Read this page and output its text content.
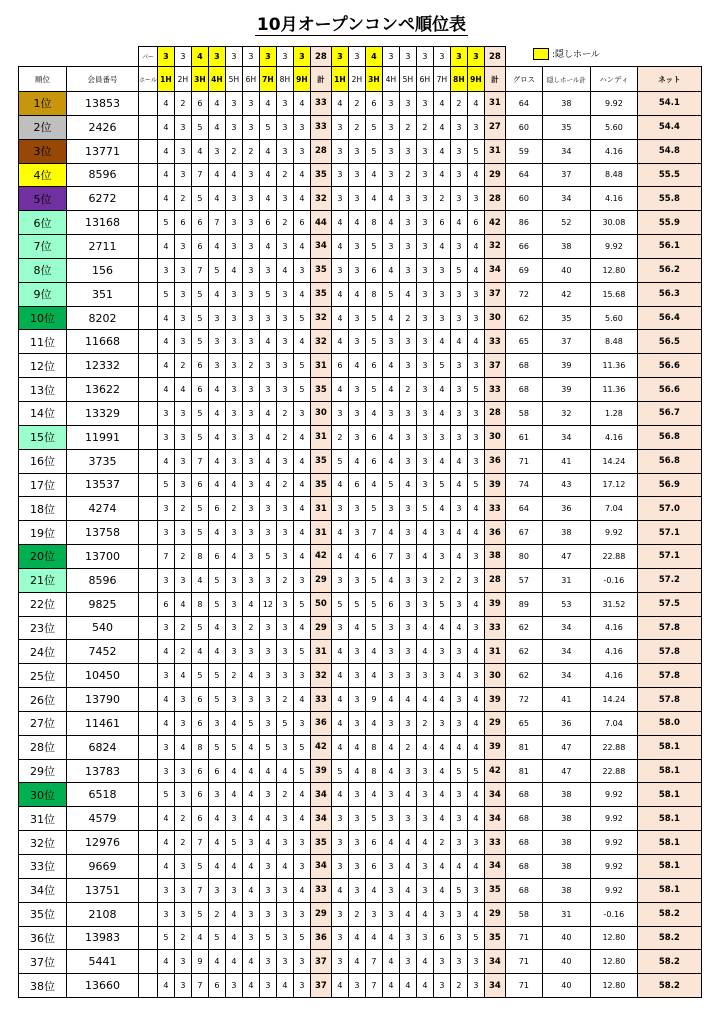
10月オープンコンペ順位表
:隠しホール
		パー	3	3	4	3	3	3	3	3	3	28	3	3	4	3	3	3	3	3	3	28				
順位	会員番号	ホール	1H	2H	3H	4H	5H	6H	7H	8H	9H	計	1H	2H	3H	4H	5H	6H	7H	8H	9H	計	グロス	隠しホール計	ハンディ	ネット
1位	13853		4	2	6	4	3	3	4	3	4	33	4	2	6	3	3	3	4	2	4	31	64	38	9.92	54.1
2位	2426		4	3	5	4	3	3	5	3	3	33	3	2	5	3	2	2	4	3	3	27	60	35	5.60	54.4
3位	13771		4	3	4	3	2	2	4	3	3	28	3	3	5	3	3	3	4	3	5	31	59	34	4.16	54.8
4位	8596		4	3	7	4	4	3	4	2	4	35	3	3	4	3	2	3	4	3	4	29	64	37	8.48	55.5
5位	6272		4	2	5	4	3	3	4	3	4	32	3	3	4	4	3	3	2	3	3	28	60	34	4.16	55.8
6位	13168		5	6	6	7	3	3	6	2	6	44	4	4	8	4	3	3	6	4	6	42	86	52	30.08	55.9
7位	2711		4	3	6	4	3	3	4	3	4	34	4	3	5	3	3	3	4	3	4	32	66	38	9.92	56.1
8位	156		3	3	7	5	4	3	3	4	3	35	3	3	6	4	3	3	3	5	4	34	69	40	12.80	56.2
9位	351		5	3	5	4	3	3	5	3	4	35	4	4	8	5	4	3	3	3	3	37	72	42	15.68	56.3
10位	8202		4	3	5	3	3	3	3	3	5	32	4	3	5	4	2	3	3	3	3	30	62	35	5.60	56.4
11位	11668		4	3	5	3	3	3	4	3	4	32	4	3	5	3	3	3	4	4	4	33	65	37	8.48	56.5
12位	12332		4	2	6	3	3	2	3	3	5	31	6	4	6	4	3	3	5	3	3	37	68	39	11.36	56.6
13位	13622		4	4	6	4	3	3	3	3	5	35	4	3	5	4	2	3	4	3	5	33	68	39	11.36	56.6
14位	13329		3	3	5	4	3	3	4	2	3	30	3	3	4	3	3	3	4	3	3	28	58	32	1.28	56.7
15位	11991		3	3	5	4	3	3	4	2	4	31	2	3	6	4	3	3	3	3	3	30	61	34	4.16	56.8
16位	3735		4	3	7	4	3	3	4	3	4	35	5	4	6	4	3	3	4	4	3	36	71	41	14.24	56.8
17位	13537		5	3	6	4	4	3	4	2	4	35	4	6	4	5	4	3	5	4	5	39	74	43	17.12	56.9
18位	4274		3	2	5	6	2	3	3	3	4	31	3	3	5	3	3	5	4	3	4	33	64	36	7.04	57.0
19位	13758		3	3	5	4	3	3	3	3	4	31	4	3	7	4	3	4	3	4	4	36	67	38	9.92	57.1
20位	13700		7	2	8	6	4	3	5	3	4	42	4	4	6	7	3	4	3	4	3	38	80	47	22.88	57.1
21位	8596		3	3	4	5	3	3	3	2	3	29	3	3	5	4	3	3	2	2	3	28	57	31	-0.16	57.2
22位	9825		6	4	8	5	3	4	12	3	5	50	5	5	5	6	3	3	5	3	4	39	89	53	31.52	57.5
23位	540		3	2	5	4	3	2	3	3	4	29	3	4	5	3	3	4	4	4	3	33	62	34	4.16	57.8
24位	7452		4	2	4	4	3	3	3	3	5	31	4	3	4	3	3	4	3	3	4	31	62	34	4.16	57.8
25位	10450		3	4	5	5	2	4	3	3	3	32	4	3	4	3	3	3	3	4	3	30	62	34	4.16	57.8
26位	13790		4	3	6	5	3	3	3	2	4	33	4	3	9	4	4	4	4	3	4	39	72	41	14.24	57.8
27位	11461		4	3	6	3	4	5	3	5	3	36	4	3	4	3	3	2	3	3	4	29	65	36	7.04	58.0
28位	6824		3	4	8	5	5	4	5	3	5	42	4	4	8	4	2	4	4	4	4	39	81	47	22.88	58.1
29位	13783		3	3	6	6	4	4	4	4	5	39	5	4	8	4	3	3	4	5	5	42	81	47	22.88	58.1
30位	6518		5	3	6	3	4	4	3	2	4	34	4	3	4	3	4	3	4	3	4	34	68	38	9.92	58.1
31位	4579		4	2	6	4	3	4	4	3	4	34	3	3	5	3	3	3	4	3	4	34	68	38	9.92	58.1
32位	12976		4	2	7	4	5	3	4	3	3	35	3	3	6	4	4	4	2	3	3	33	68	38	9.92	58.1
33位	9669		4	3	5	4	4	4	3	4	3	34	3	3	6	3	4	3	4	4	4	34	68	38	9.92	58.1
34位	13751		3	3	7	3	3	4	3	3	4	33	4	3	4	3	4	3	4	5	3	35	68	38	9.92	58.1
35位	2108		3	3	5	2	4	3	3	3	3	29	3	2	3	3	4	4	3	3	4	29	58	31	-0.16	58.2
36位	13983		5	2	4	5	4	3	5	3	5	36	3	4	4	4	3	3	6	3	5	35	71	40	12.80	58.2
37位	5441		4	3	9	4	4	4	3	3	3	37	3	4	7	4	3	4	3	3	3	34	71	40	12.80	58.2
38位	13660		4	3	7	6	3	4	3	4	3	37	4	3	7	4	4	4	3	2	3	34	71	40	12.80	58.2
